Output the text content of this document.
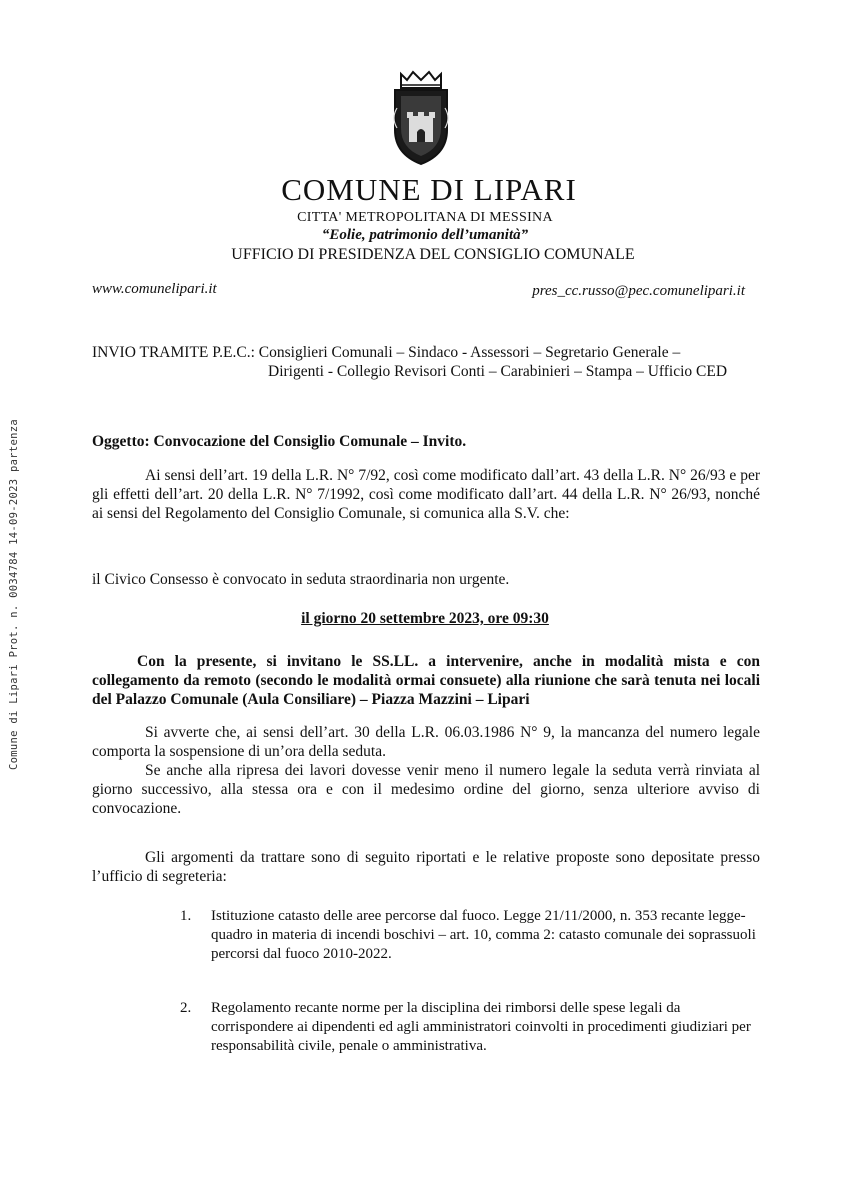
Comune di Lipari Prot. n. 0034784 14-09-2023 partenza
COMUNE DI LIPARI
CITTA' METROPOLITANA DI MESSINA
“Eolie, patrimonio dell’umanità”
UFFICIO DI PRESIDENZA DEL CONSIGLIO COMUNALE
www.comunelipari.it	pres_cc.russo@pec.comunelipari.it
INVIO TRAMITE P.E.C.: Consiglieri Comunali – Sindaco - Assessori – Segretario Generale –
Dirigenti - Collegio Revisori Conti – Carabinieri – Stampa – Ufficio CED
Oggetto: Convocazione del Consiglio Comunale – Invito.
Ai sensi dell’art. 19 della L.R. N° 7/92, così come modificato dall’art. 43 della L.R. N° 26/93 e per gli effetti dell’art. 20 della L.R. N° 7/1992, così come modificato dall’art. 44 della L.R. N° 26/93, nonché ai sensi del Regolamento del Consiglio Comunale, si comunica alla S.V. che:
il Civico Consesso è convocato in seduta straordinaria non urgente.
il giorno 20 settembre 2023, ore 09:30
Con la presente, si invitano le SS.LL. a intervenire, anche in modalità mista e con collegamento da remoto (secondo le modalità ormai consuete) alla riunione che sarà tenuta nei locali del Palazzo Comunale (Aula Consiliare) – Piazza Mazzini – Lipari
Si avverte che, ai sensi dell’art. 30 della L.R. 06.03.1986 N° 9, la mancanza del numero legale comporta la sospensione di un’ora della seduta.
Se anche alla ripresa dei lavori dovesse venir meno il numero legale la seduta verrà rinviata al giorno successivo, alla stessa ora e con il medesimo ordine del giorno, senza ulteriore avviso di convocazione.
Gli argomenti da trattare sono di seguito riportati e le relative proposte sono depositate presso l’ufficio di segreteria:
1. Istituzione catasto delle aree percorse dal fuoco. Legge 21/11/2000, n. 353 recante legge-quadro in materia di incendi boschivi – art. 10, comma 2: catasto comunale dei soprassuoli percorsi dal fuoco 2010-2022.
2. Regolamento recante norme per la disciplina dei rimborsi delle spese legali da corrispondere ai dipendenti ed agli amministratori coinvolti in procedimenti giudiziari per responsabilità civile, penale o amministrativa.
